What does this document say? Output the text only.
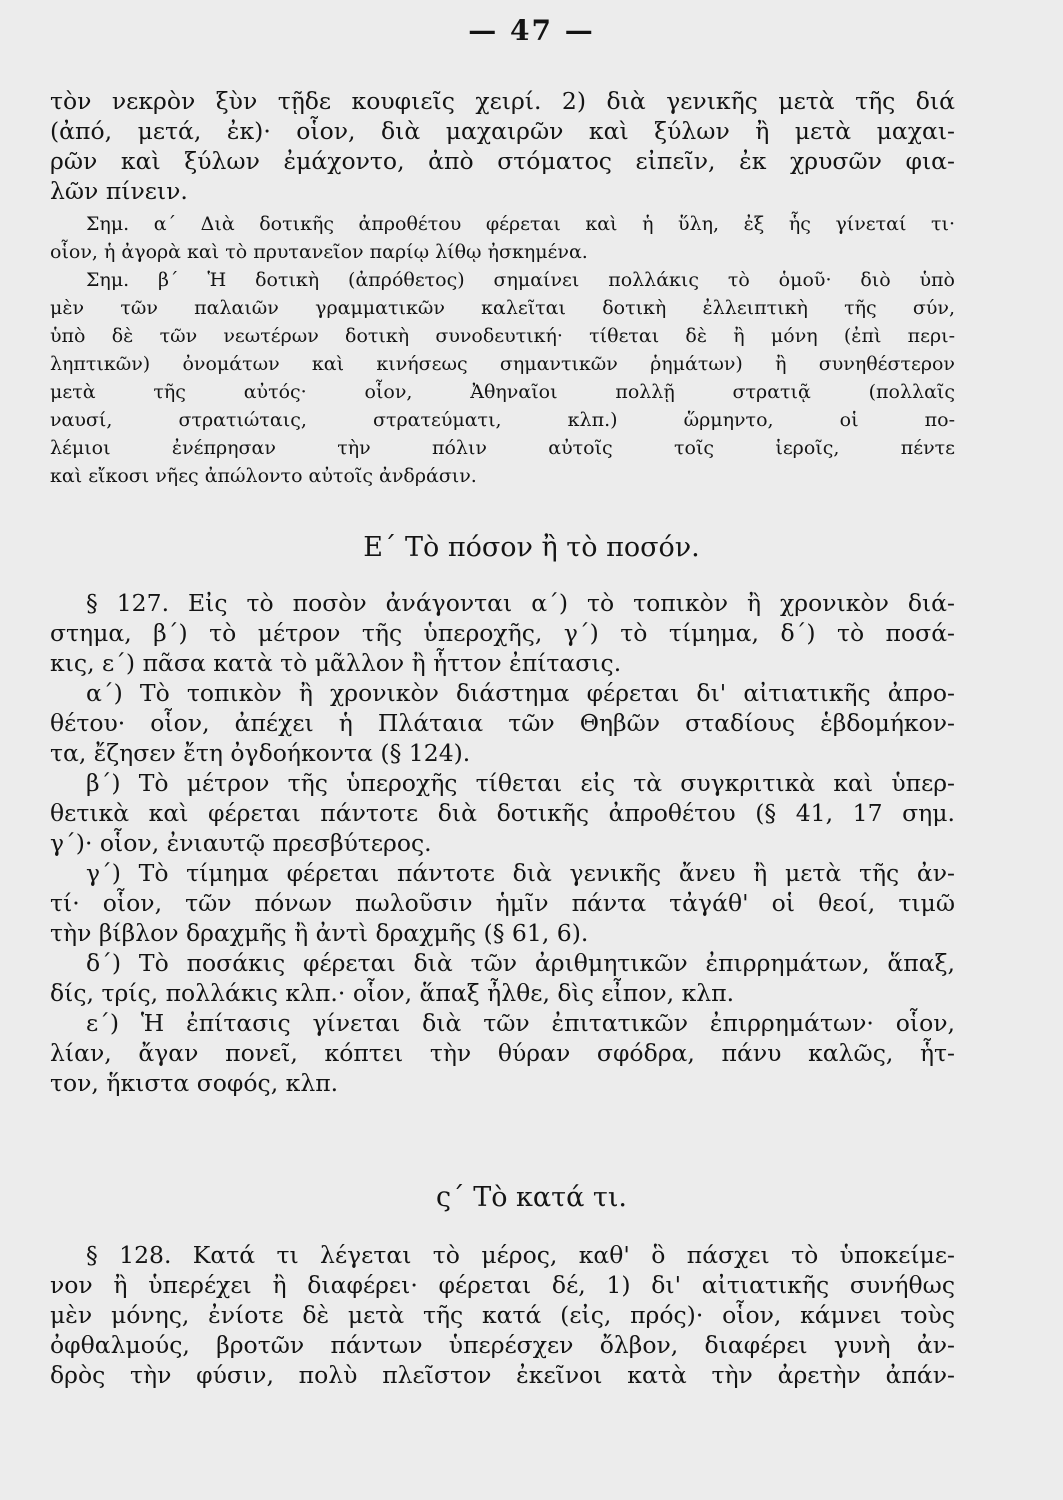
— 47 —
τὸν νεκρὸν ξὺν τῇδε κουφιεῖς χειρί. 2) διὰ γενικῆς μετὰ τῆς διά
(ἀπό, μετά, ἐκ)· οἷον, διὰ μαχαιρῶν καὶ ξύλων ἢ μετὰ μαχαι-
ρῶν καὶ ξύλων ἐμάχοντο, ἀπὸ στόματος εἰπεῖν, ἐκ χρυσῶν φια-
λῶν πίνειν.
Σημ. α΄ Διὰ δοτικῆς ἀπροθέτου φέρεται καὶ ἡ ὕλη, ἐξ ἧς γίνεταί τι·
οἷον, ἡ ἀγορὰ καὶ τὸ πρυτανεῖον παρίῳ λίθῳ ἠσκημένα.
Σημ. β΄ Ἡ δοτικὴ (ἀπρόθετος) σημαίνει πολλάκις τὸ ὁμοῦ· διὸ ὑπὸ
μὲν τῶν παλαιῶν γραμματικῶν καλεῖται δοτικὴ ἐλλειπτικὴ τῆς σύν,
ὑπὸ δὲ τῶν νεωτέρων δοτικὴ συνοδευτική· τίθεται δὲ ἢ μόνη (ἐπὶ περι-
ληπτικῶν) ὀνομάτων καὶ κινήσεως σημαντικῶν ῥημάτων) ἢ συνηθέστερον
μετὰ τῆς αὐτός· οἷον, Ἀθηναῖοι πολλῇ στρατιᾷ (πολλαῖς
ναυσί, στρατιώταις, στρατεύματι, κλπ.) ὥρμηντο, οἱ πο-
λέμιοι ἐνέπρησαν τὴν πόλιν αὐτοῖς τοῖς ἱεροῖς, πέντε
καὶ εἴκοσι νῆες ἀπώλοντο αὐτοῖς ἀνδράσιν.
Ε΄ Τὸ πόσον ἢ τὸ ποσόν.
§ 127. Εἰς τὸ ποσὸν ἀνάγονται α΄) τὸ τοπικὸν ἢ χρονικὸν διά-
στημα, β΄) τὸ μέτρον τῆς ὑπεροχῆς, γ΄) τὸ τίμημα, δ΄) τὸ ποσά-
κις, ε΄) πᾶσα κατὰ τὸ μᾶλλον ἢ ἧττον ἐπίτασις.
α΄) Τὸ τοπικὸν ἢ χρονικὸν διάστημα φέρεται δι' αἰτιατικῆς ἀπρο-
θέτου· οἷον, ἀπέχει ἡ Πλάταια τῶν Θηβῶν σταδίους ἑβδομήκον-
τα, ἔζησεν ἔτη ὀγδοήκοντα (§ 124).
β΄) Τὸ μέτρον τῆς ὑπεροχῆς τίθεται εἰς τὰ συγκριτικὰ καὶ ὑπερ-
θετικὰ καὶ φέρεται πάντοτε διὰ δοτικῆς ἀπροθέτου (§ 41, 17 σημ.
γ΄)· οἷον, ἐνιαυτῷ πρεσβύτερος.
γ΄) Τὸ τίμημα φέρεται πάντοτε διὰ γενικῆς ἄνευ ἢ μετὰ τῆς ἀν-
τί· οἷον, τῶν πόνων πωλοῦσιν ἡμῖν πάντα τἀγάθ' οἱ θεοί, τιμῶ
τὴν βίβλον δραχμῆς ἢ ἀντὶ δραχμῆς (§ 61, 6).
δ΄) Τὸ ποσάκις φέρεται διὰ τῶν ἀριθμητικῶν ἐπιρρημάτων, ἅπαξ,
δίς, τρίς, πολλάκις κλπ.· οἷον, ἅπαξ ἦλθε, δὶς εἶπον, κλπ.
ε΄) Ἡ ἐπίτασις γίνεται διὰ τῶν ἐπιτατικῶν ἐπιρρημάτων· οἷον,
λίαν, ἄγαν πονεῖ, κόπτει τὴν θύραν σφόδρα, πάνυ καλῶς, ἧτ-
τον, ἥκιστα σοφός, κλπ.
ς΄ Τὸ κατά τι.
§ 128. Κατά τι λέγεται τὸ μέρος, καθ' ὃ πάσχει τὸ ὑποκείμε-
νον ἢ ὑπερέχει ἢ διαφέρει· φέρεται δέ, 1) δι' αἰτιατικῆς συνήθως
μὲν μόνης, ἐνίοτε δὲ μετὰ τῆς κατά (εἰς, πρός)· οἷον, κάμνει τοὺς
ὀφθαλμούς, βροτῶν πάντων ὑπερέσχεν ὄλβον, διαφέρει γυνὴ ἀν-
δρὸς τὴν φύσιν, πολὺ πλεῖστον ἐκεῖνοι κατὰ τὴν ἀρετὴν ἀπάν-
